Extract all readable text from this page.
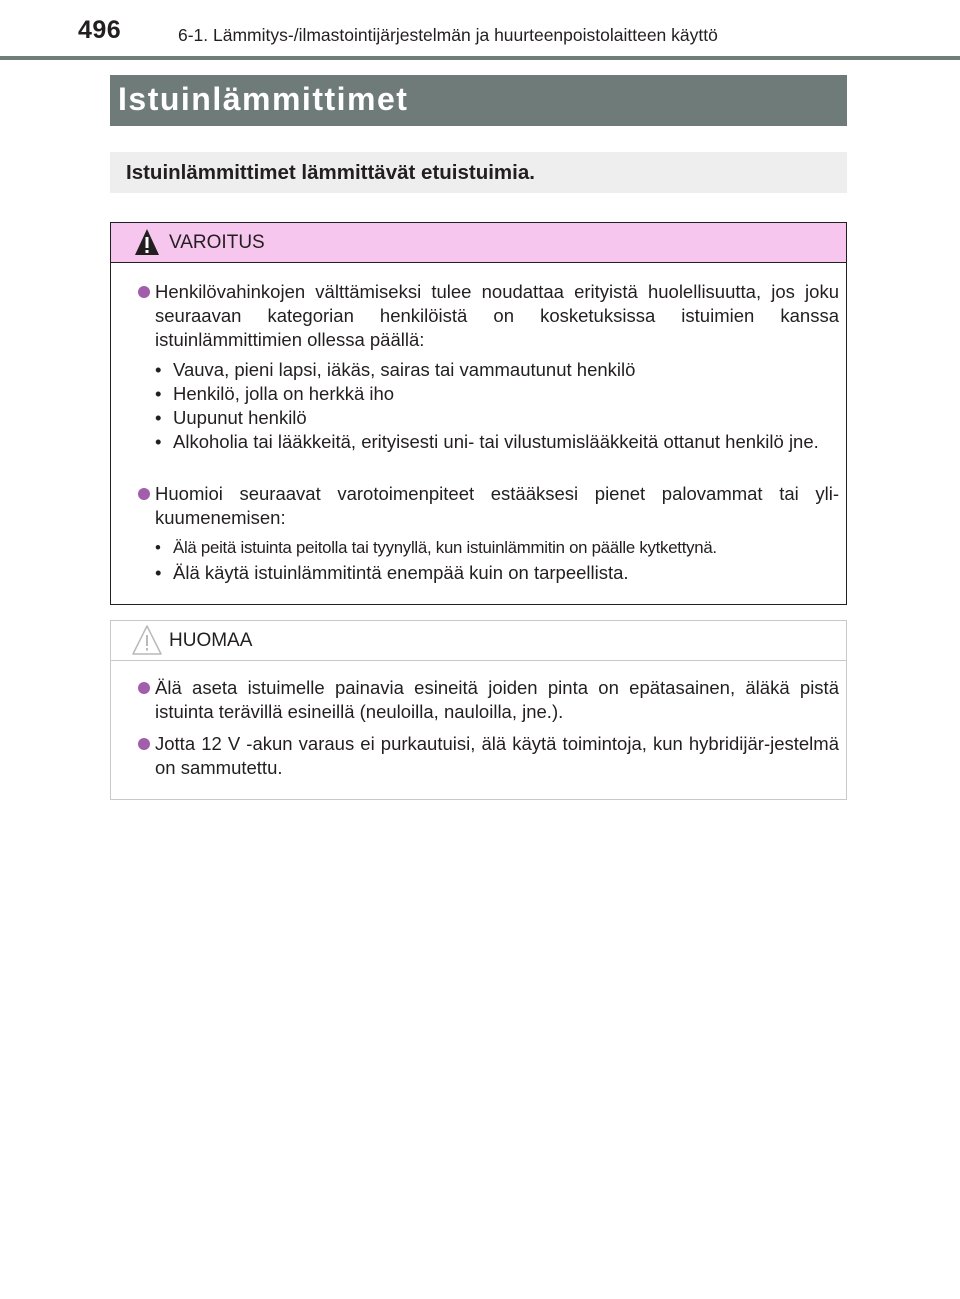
496	6-1. Lämmitys-/ilmastointijärjestelmän ja huurteenpoistolaitteen käyttö
Istuinlämmittimet
Istuinlämmittimet lämmittävät etuistuimia.
VAROITUS
Henkilövahinkojen välttämiseksi tulee noudattaa erityistä huolellisuutta, jos joku seuraavan kategorian henkilöistä on kosketuksissa istuimien kanssa istuinlämmittimien ollessa päällä:
• Vauva, pieni lapsi, iäkäs, sairas tai vammautunut henkilö
• Henkilö, jolla on herkkä iho
• Uupunut henkilö
• Alkoholia tai lääkkeitä, erityisesti uni- tai vilustumislääkkeitä ottanut henkilö jne.
Huomioi seuraavat varotoimenpiteet estääksesi pienet palovammat tai yli-kuumenemisen:
• Älä peitä istuinta peitolla tai tyynyllä, kun istuinlämmitin on päälle kytkettynä.
• Älä käytä istuinlämmitintä enempää kuin on tarpeellista.
HUOMAA
Älä aseta istuimelle painavia esineitä joiden pinta on epätasainen, äläkä pistä istuinta terävillä esineillä (neuloilla, nauloilla, jne.).
Jotta 12 V -akun varaus ei purkautuisi, älä käytä toimintoja, kun hybridijär-jestelmä on sammutettu.
